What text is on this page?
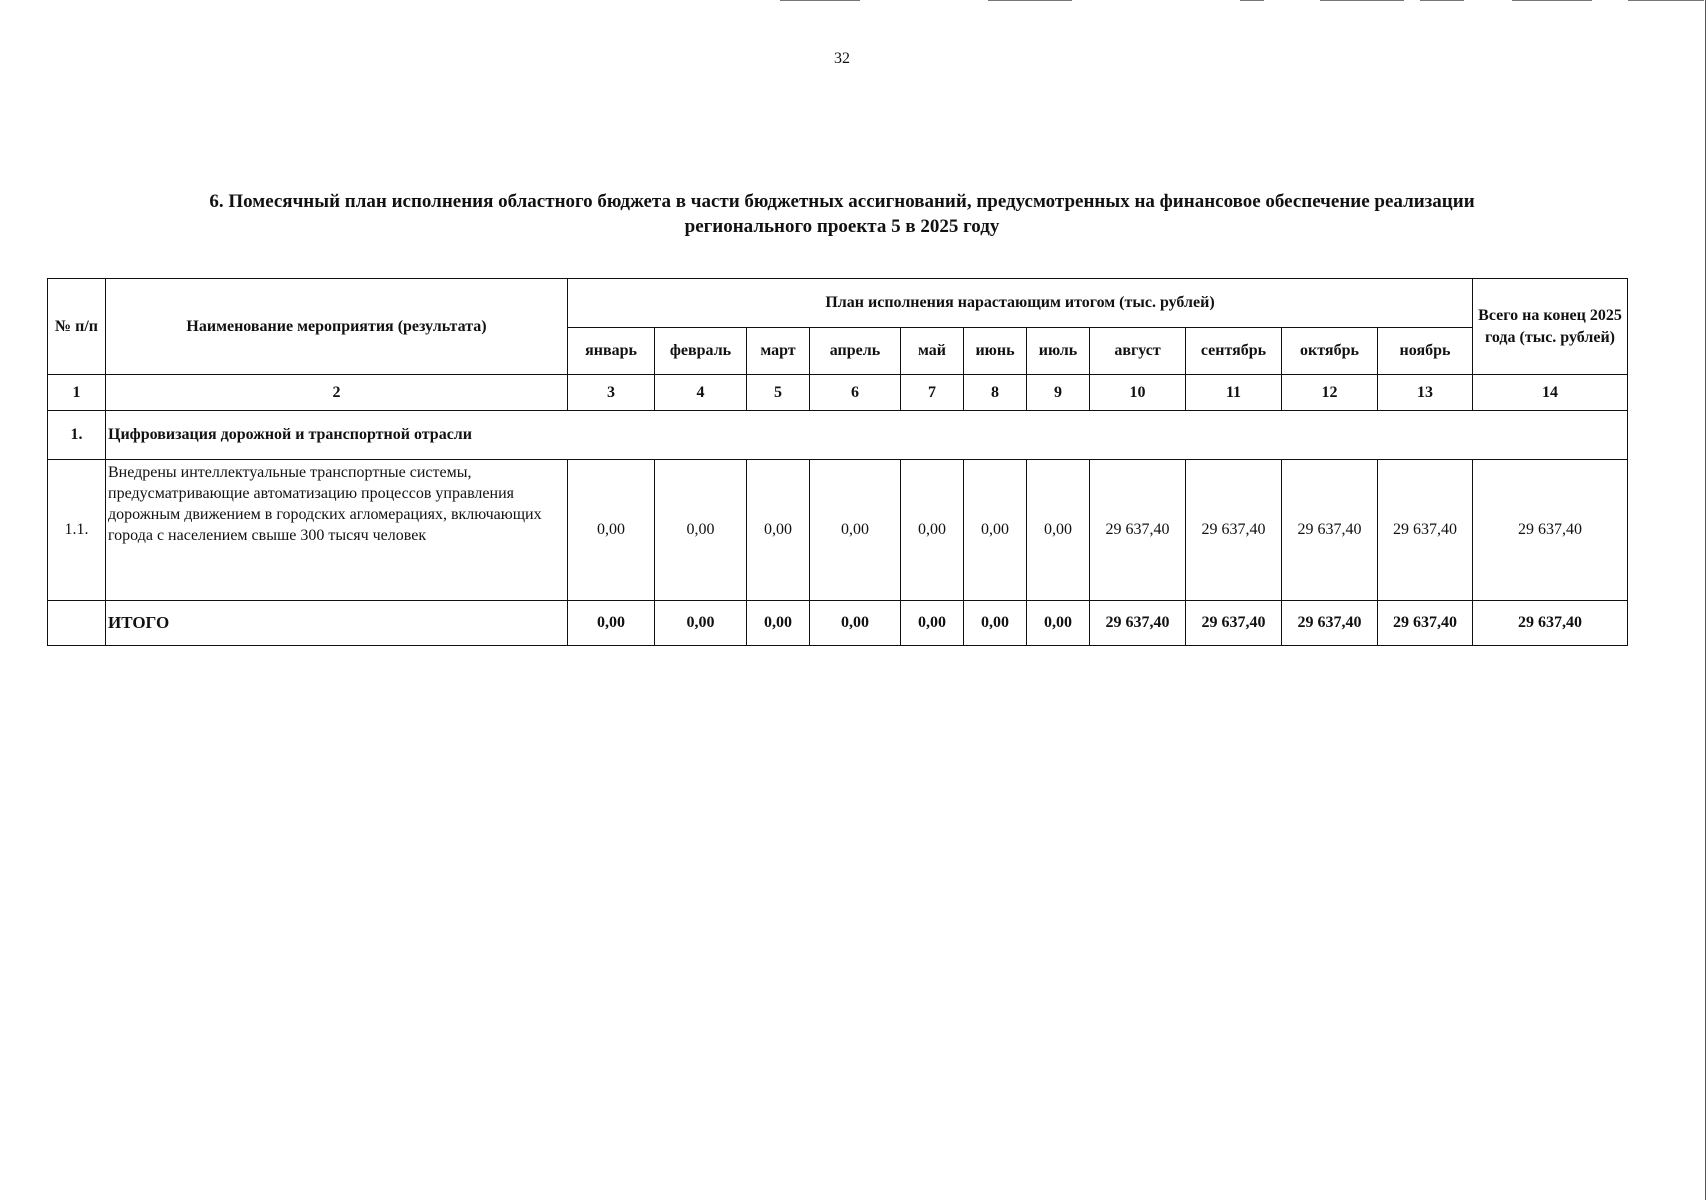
32
6. Помесячный план исполнения областного бюджета в части бюджетных ассигнований, предусмотренных на финансовое обеспечение реализации
регионального проекта 5 в 2025 году
№ п/п	Наименование мероприятия (результата)	План исполнения нарастающим итогом (тыс. рублей)											Всего на конец 2025 года (тыс. рублей)
		январь	февраль	март	апрель	май	июнь	июль	август	сентябрь	октябрь	ноябрь	
1	2	3	4	5	6	7	8	9	10	11	12	13	14
1.	Цифровизация дорожной и транспортной отрасли												
1.1.	Внедрены интеллектуальные транспортные системы, предусматривающие автоматизацию процессов управления дорожным движением в городских агломерациях, включающих города с населением свыше 300 тысяч человек	0,00	0,00	0,00	0,00	0,00	0,00	0,00	29 637,40	29 637,40	29 637,40	29 637,40	29 637,40
	ИТОГО	0,00	0,00	0,00	0,00	0,00	0,00	0,00	29 637,40	29 637,40	29 637,40	29 637,40	29 637,40
